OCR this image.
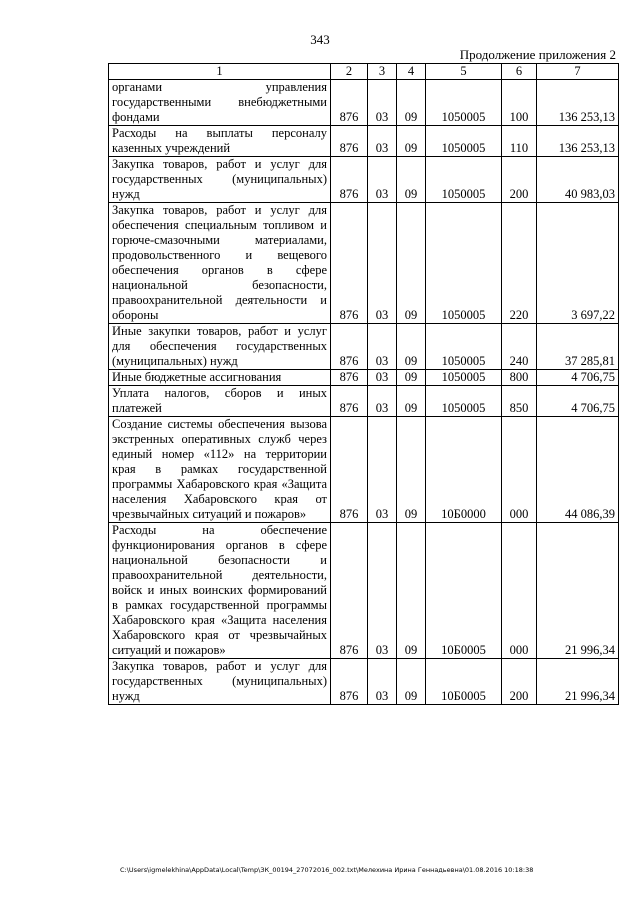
343
Продолжение приложения 2
1	2	3	4	5	6	7
органами управления государственными внебюджетными фондами	876	03	09	1050005	100	136 253,13
Расходы на выплаты персоналу казенных учреждений	876	03	09	1050005	110	136 253,13
Закупка товаров, работ и услуг для государственных (муниципальных) нужд	876	03	09	1050005	200	40 983,03
Закупка товаров, работ и услуг для обеспечения специальным топливом и горюче-смазочными материалами, продовольственного и вещевого обеспечения органов в сфере национальной безопасности, правоохранительной деятельности и обороны	876	03	09	1050005	220	3 697,22
Иные закупки товаров, работ и услуг для обеспечения государственных (муниципальных) нужд	876	03	09	1050005	240	37 285,81
Иные бюджетные ассигнования	876	03	09	1050005	800	4 706,75
Уплата налогов, сборов и иных платежей	876	03	09	1050005	850	4 706,75
Создание системы обеспечения вызова экстренных оперативных служб через единый номер «112» на территории края в рамках государственной программы Хабаровского края «Защита населения Хабаровского края от чрезвычайных ситуаций и пожаров»	876	03	09	10Б0000	000	44 086,39
Расходы на обеспечение функционирования органов в сфере национальной безопасности и правоохранительной деятельности, войск и иных воинских формирований в рамках государственной программы Хабаровского края «Защита населения Хабаровского края от чрезвычайных ситуаций и пожаров»	876	03	09	10Б0005	000	21 996,34
Закупка товаров, работ и услуг для государственных (муниципальных) нужд	876	03	09	10Б0005	200	21 996,34
C:\Users\igmelekhina\AppData\Local\Temp\ЗК_00194_27072016_002.txt\Мелехина Ирина Геннадьевна\01.08.2016 10:18:38
